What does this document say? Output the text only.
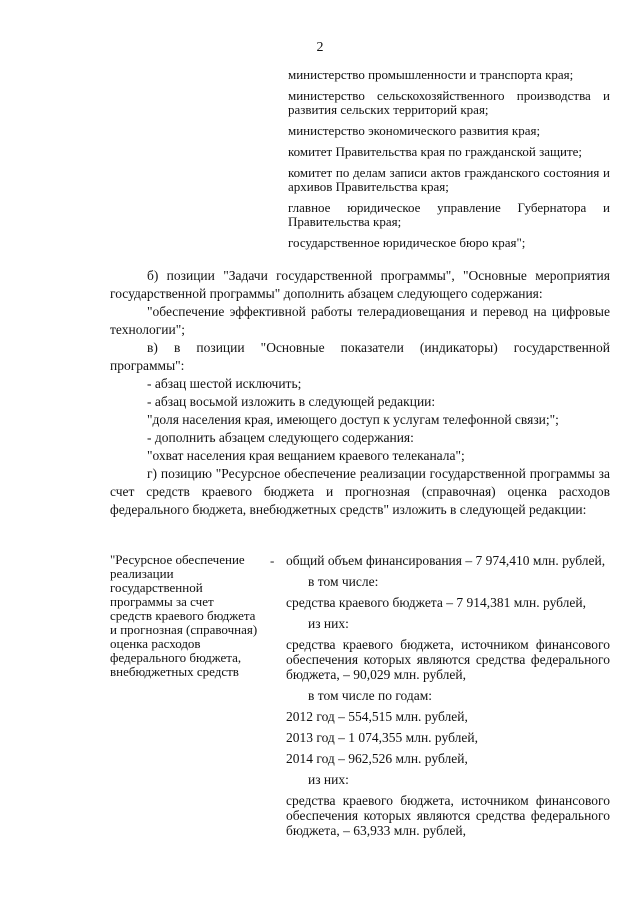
2
министерство промышленности и транспорта края;
министерство сельскохозяйственного производства и развития сельских территорий края;
министерство экономического развития края;
комитет Правительства края по гражданской защите;
комитет по делам записи актов гражданского состояния и архивов Правительства края;
главное юридическое управление Губернатора и Правительства края;
государственное юридическое бюро края";

б) позиции "Задачи государственной программы", "Основные мероприятия государственной программы" дополнить абзацем следующего содержания:

"обеспечение эффективной работы телерадиовещания и перевод на цифровые технологии";

в) в позиции "Основные показатели (индикаторы) государственной программы":

- абзац шестой исключить;

- абзац восьмой изложить в следующей редакции:

"доля населения края, имеющего доступ к услугам телефонной связи;";

- дополнить абзацем следующего содержания:

"охват населения края вещанием краевого телеканала";

г) позицию "Ресурсное обеспечение реализации государственной программы за счет средств краевого бюджета и прогнозная (справочная) оценка расходов федерального бюджета, внебюджетных средств" изложить в следующей редакции:

"Ресурсное обеспечение реализации государственной программы за счет средств краевого бюджета и прогнозная (справочная) оценка расходов федерального бюджета, внебюджетных средств
- общий объем финансирования – 7 974,410 млн. рублей,

в том числе:

средства краевого бюджета – 7 914,381 млн. рублей,

из них:

средства краевого бюджета, источником финансового обеспечения которых являются средства федерального бюджета, – 90,029 млн. рублей,

в том числе по годам:

2012 год – 554,515 млн. рублей,

2013 год – 1 074,355 млн. рублей,

2014 год – 962,526 млн. рублей,

из них:

средства краевого бюджета, источником финансового обеспечения которых являются средства федерального бюджета, – 63,933 млн. рублей,
